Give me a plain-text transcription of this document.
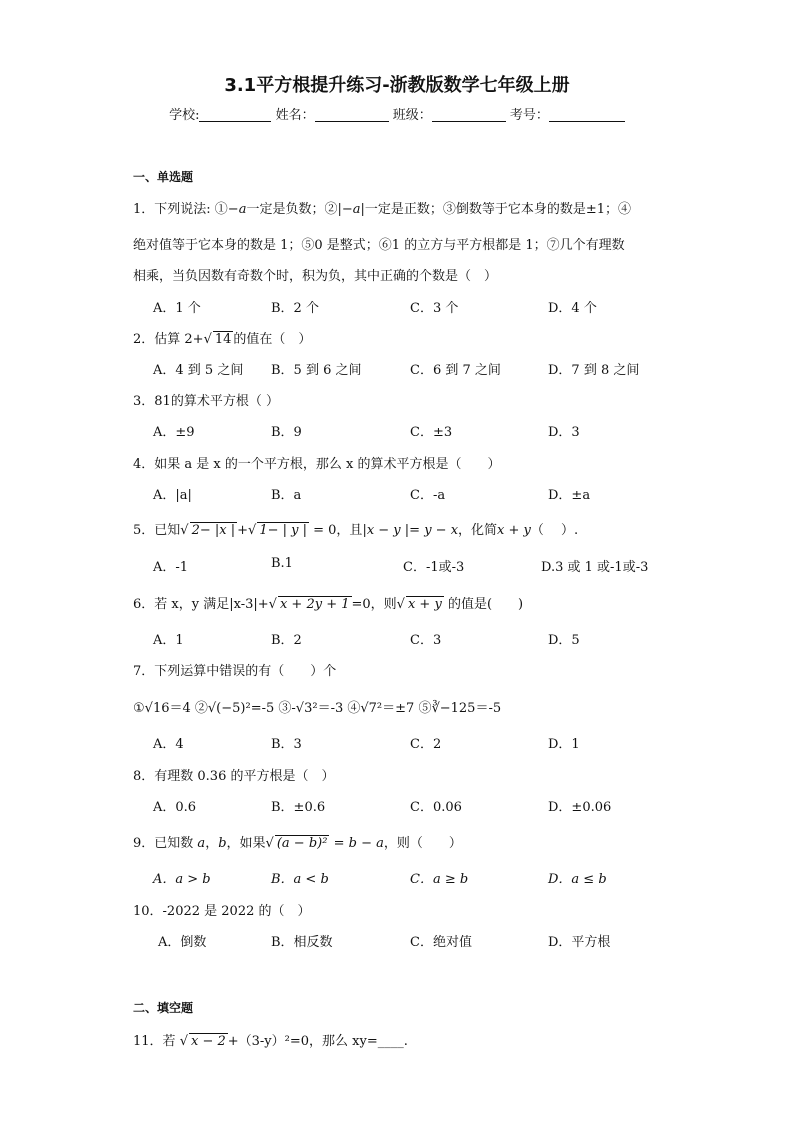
3.1平方根提升练习-浙教版数学七年级上册
学校:	姓名：	班级：	考号：
一、单选题
1．下列说法: ①−a一定是负数；②|−a|一定是正数；③倒数等于它本身的数是±1；④
绝对值等于它本身的数是 1；⑤0 是整式；⑥1 的立方与平方根都是 1；⑦几个有理数
相乘，当负因数有奇数个时，积为负，其中正确的个数是（　）
A．1 个	B．2 个	C．3 个	D．4 个
2．估算 2+√ 14 的值在（　）
A．4 到 5 之间 B．5 到 6 之间	C．6 到 7 之间	D．7 到 8 之间
3．81的算术平方根（ ）
A．±9	B．9	C．±3	D．3
4．如果 a 是 x 的一个平方根，那么 x 的算术平方根是（　　）
A．|a|	B．a	C．-a	D．±a
5．已知√ 2− |x | +√ 1− | y | = 0，且|x − y |= y − x，化简x + y（　 ）.
A．-1	B.1	C．-1或-3	D.3 或 1 或-1或-3
6．若 x，y 满足|x-3|+√ x + 2y + 1 =0，则√ x + y 的值是(　　)
A．1	B．2	C．3	D．5
7．下列运算中错误的有（　　）个
①√16＝4 ②√(−5)²=-5 ③-√3²＝-3 ④√7²＝±7 ⑤∛−125＝-5
A．4	B．3	C．2	D．1
8．有理数 0.36 的平方根是（　）
A．0.6	B．±0.6	C．0.06	D．±0.06
9．已知数 a，b，如果√ (a − b)² = b − a，则（　　）
A．a > b	B．a < b	C．a ≥ b	D．a ≤ b
10．-2022 是 2022 的（　）
A．倒数	B．相反数	C．绝对值	D．平方根
二、填空题
11．若 √ x − 2 +（3-y）²=0，那么 xy=____.
